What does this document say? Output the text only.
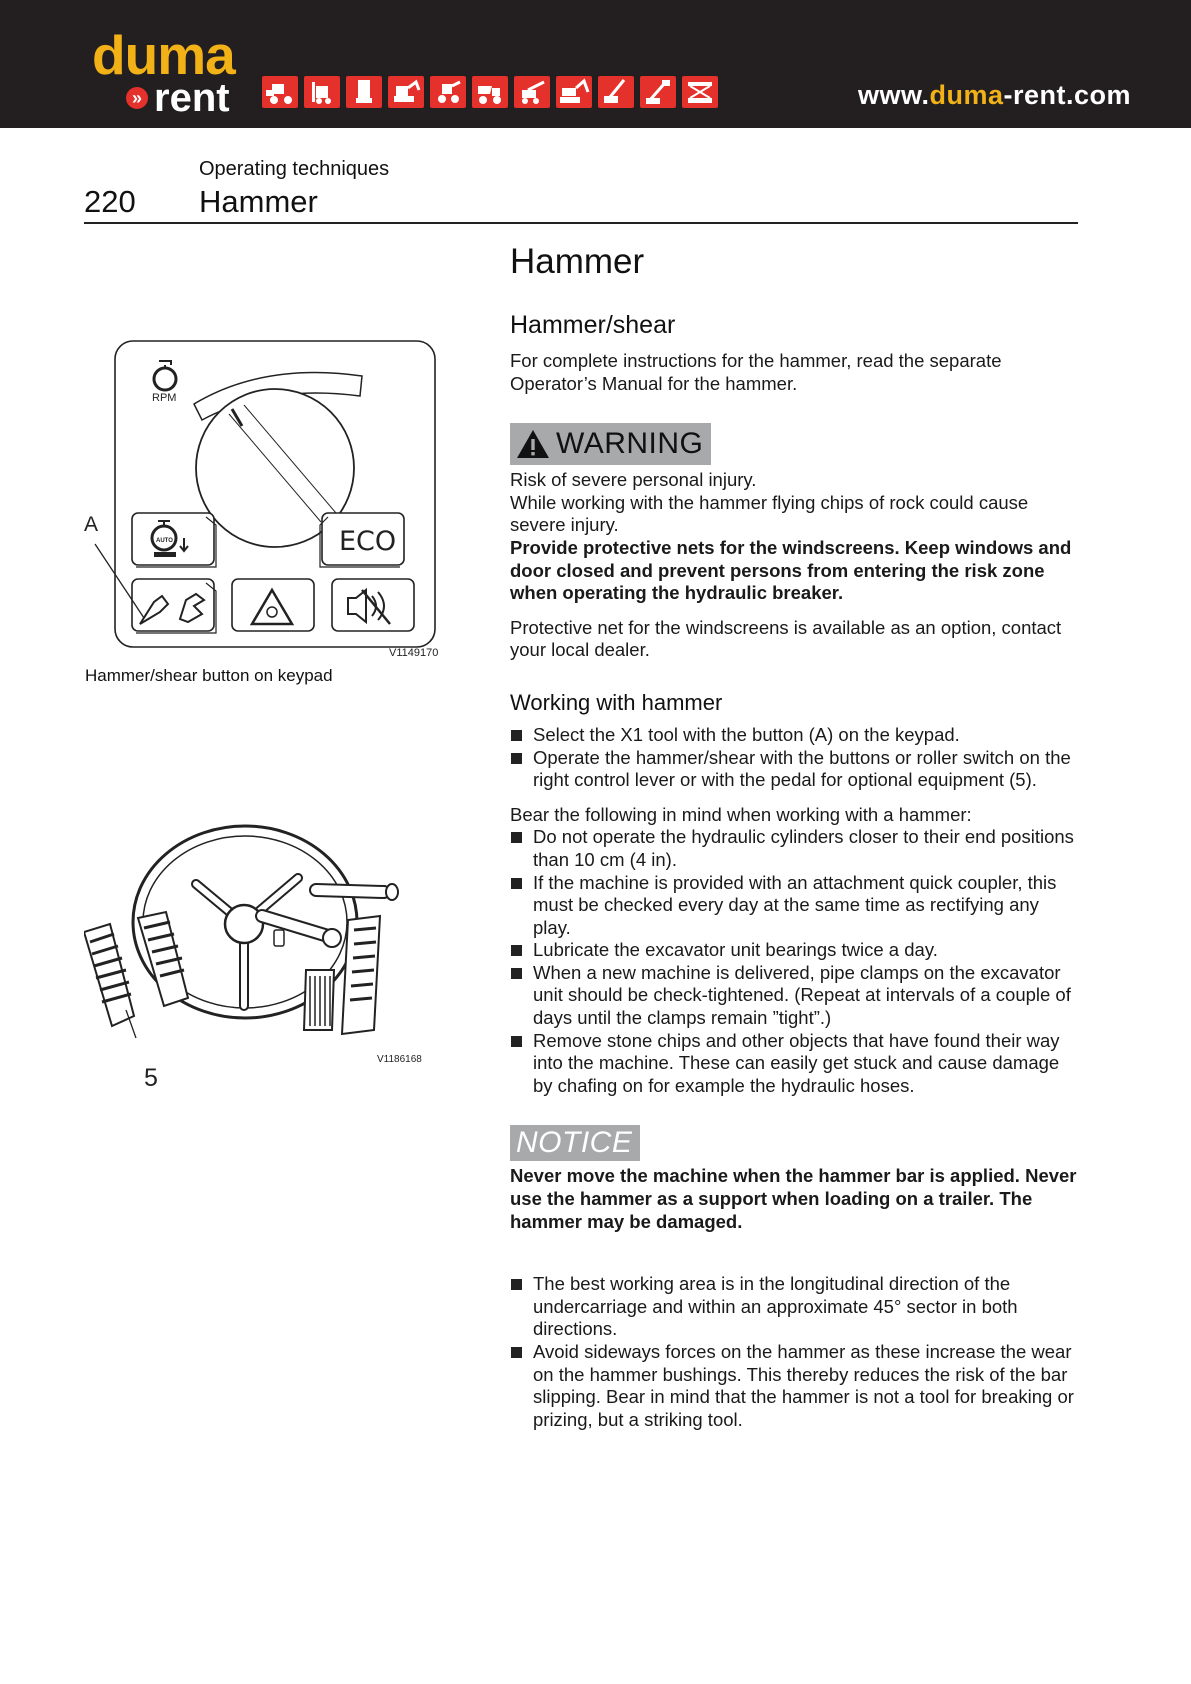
duma
» rent	www.duma-rent.com
Operating techniques
220 Hammer
RPM
AUTO	ECO
A
V1149170
Hammer/shear button on keypad
5
V1186168

Hammer

Hammer/shear

For complete instructions for the hammer, read the separate Operator’s Manual for the hammer.

WARNING

Risk of severe personal injury.

While working with the hammer flying chips of rock could cause severe injury.

Provide protective nets for the windscreens. Keep windows and door closed and prevent persons from entering the risk zone when operating the hydraulic breaker.

Protective net for the windscreens is available as an option, contact your local dealer.

Working with hammer

Select the X1 tool with the button (A) on the keypad.
Operate the hammer/shear with the buttons or roller switch on the right control lever or with the pedal for optional equipment (5).

Bear the following in mind when working with a hammer:

Do not operate the hydraulic cylinders closer to their end positions than 10 cm (4 in).
If the machine is provided with an attachment quick coupler, this must be checked every day at the same time as rectifying any play.
Lubricate the excavator unit bearings twice a day.
When a new machine is delivered, pipe clamps on the excavator unit should be check-tightened. (Repeat at intervals of a couple of days until the clamps remain ”tight”.)
Remove stone chips and other objects that have found their way into the machine. These can easily get stuck and cause damage by chafing on for example the hydraulic hoses.
NOTICE

Never move the machine when the hammer bar is applied. Never use the hammer as a support when loading on a trailer. The hammer may be damaged.

The best working area is in the longitudinal direction of the undercarriage and within an approximate 45° sector in both directions.
Avoid sideways forces on the hammer as these increase the wear on the hammer bushings. This thereby reduces the risk of the bar slipping. Bear in mind that the hammer is not a tool for breaking or prizing, but a striking tool.
